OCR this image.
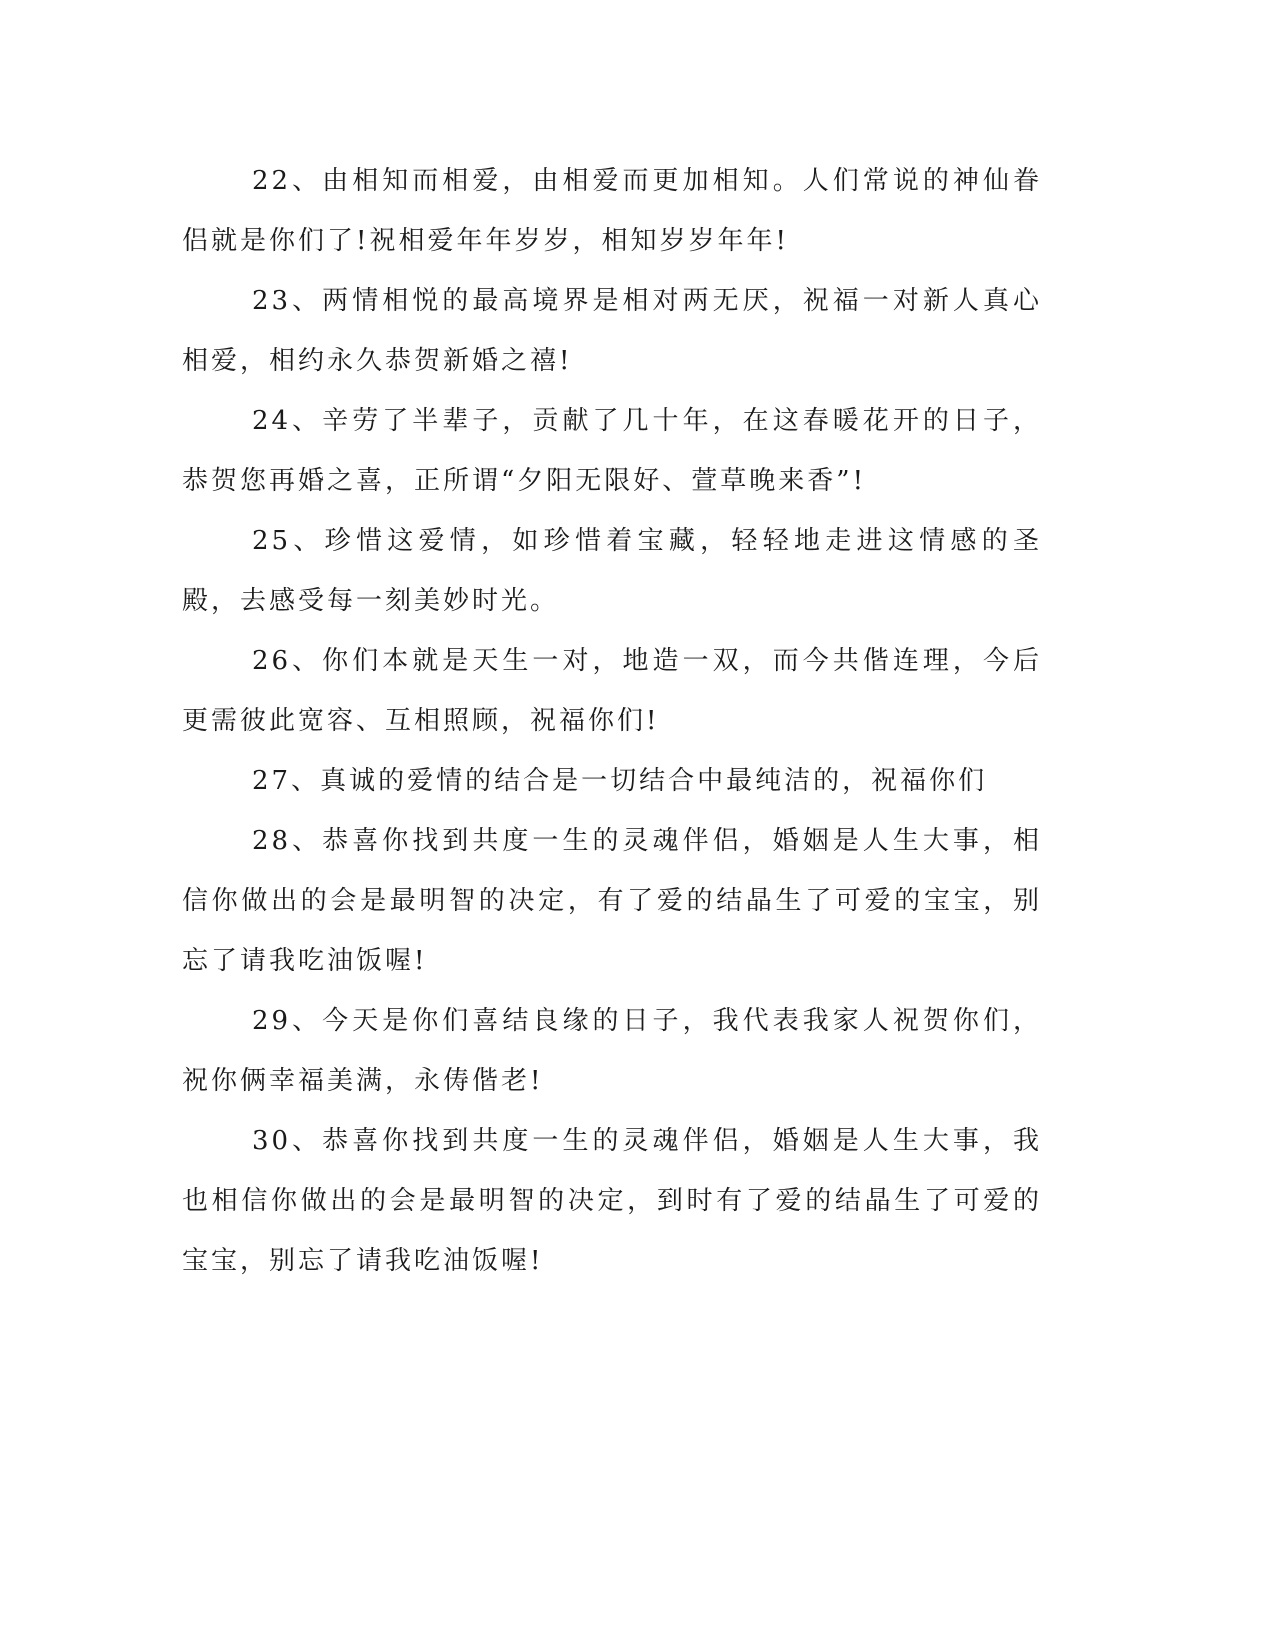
22、由相知而相爱，由相爱而更加相知。人们常说的神仙眷侣就是你们了!祝相爱年年岁岁，相知岁岁年年!

23、两情相悦的最高境界是相对两无厌，祝福一对新人真心相爱，相约永久恭贺新婚之禧!

24、辛劳了半辈子，贡献了几十年，在这春暖花开的日子，恭贺您再婚之喜，正所谓“夕阳无限好、萱草晚来香”!

25、珍惜这爱情，如珍惜着宝藏，轻轻地走进这情感的圣殿，去感受每一刻美妙时光。

26、你们本就是天生一对，地造一双，而今共偕连理，今后更需彼此宽容、互相照顾，祝福你们!

27、真诚的爱情的结合是一切结合中最纯洁的，祝福你们

28、恭喜你找到共度一生的灵魂伴侣，婚姻是人生大事，相信你做出的会是最明智的决定，有了爱的结晶生了可爱的宝宝，别忘了请我吃油饭喔!

29、今天是你们喜结良缘的日子，我代表我家人祝贺你们，祝你俩幸福美满，永俦偕老!

30、恭喜你找到共度一生的灵魂伴侣，婚姻是人生大事，我也相信你做出的会是最明智的决定，到时有了爱的结晶生了可爱的宝宝，别忘了请我吃油饭喔!
